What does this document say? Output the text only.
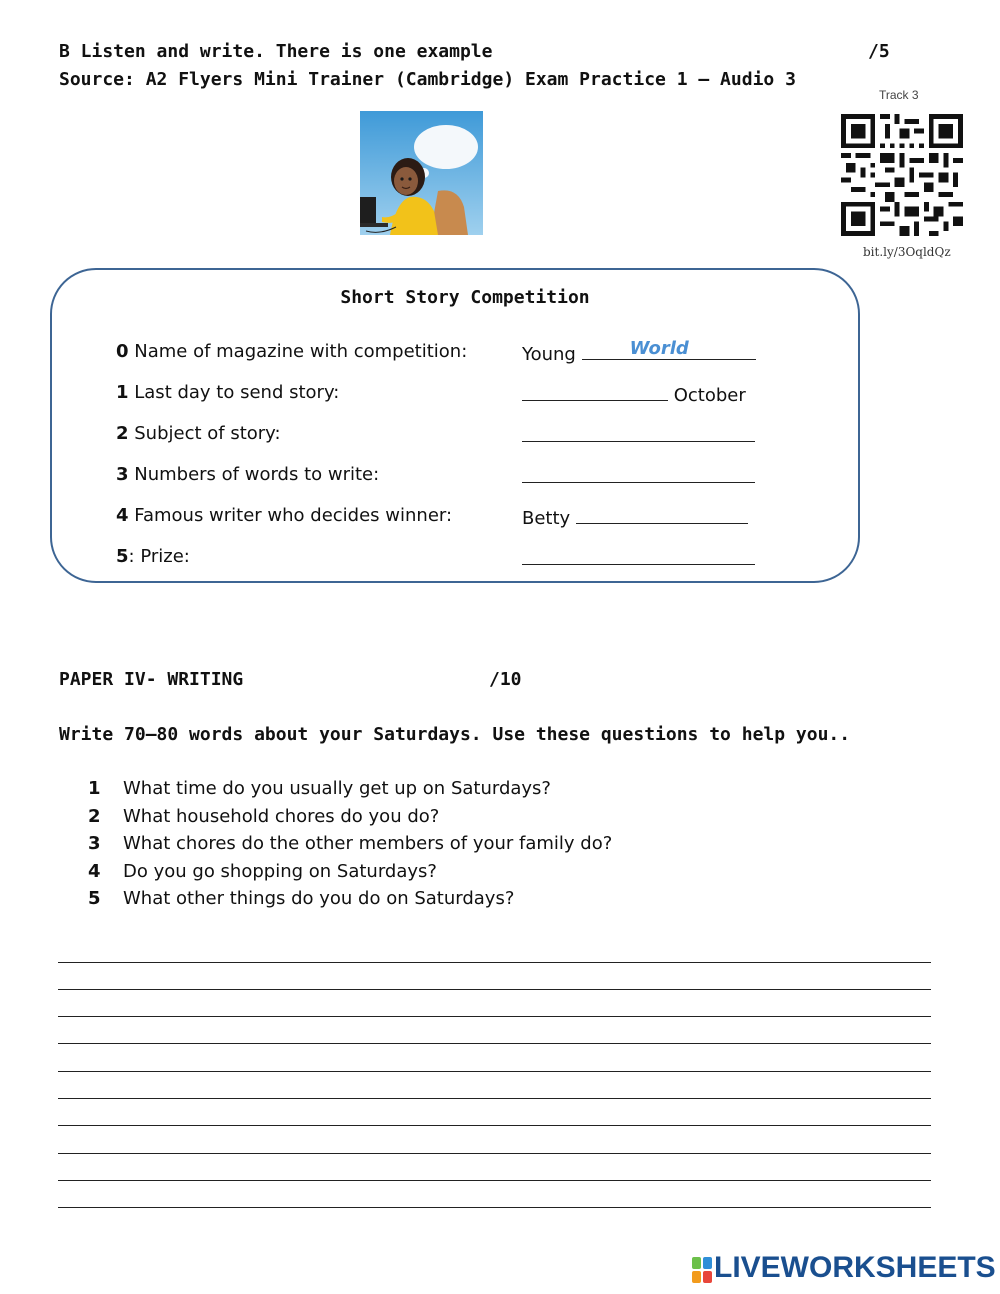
B Listen and write. There is one example	/5
Source: A2 Flyers Mini Trainer (Cambridge) Exam Practice 1 – Audio 3
Track 3
bit.ly/3OqldQz
Short Story Competition
0 Name of magazine with competition:	Young	World
1 Last day to send story:	October
2 Subject of story:
3 Numbers of words to write:
4 Famous writer who decides winner:	Betty
5: Prize:
PAPER IV- WRITING	/10
Write 70–80 words about your Saturdays. Use these questions to help you..
1 What time do you usually get up on Saturdays?
2 What household chores do you do?
3 What chores do the other members of your family do?
4 Do you go shopping on Saturdays?
5 What other things do you do on Saturdays?
LIVEWORKSHEETS
